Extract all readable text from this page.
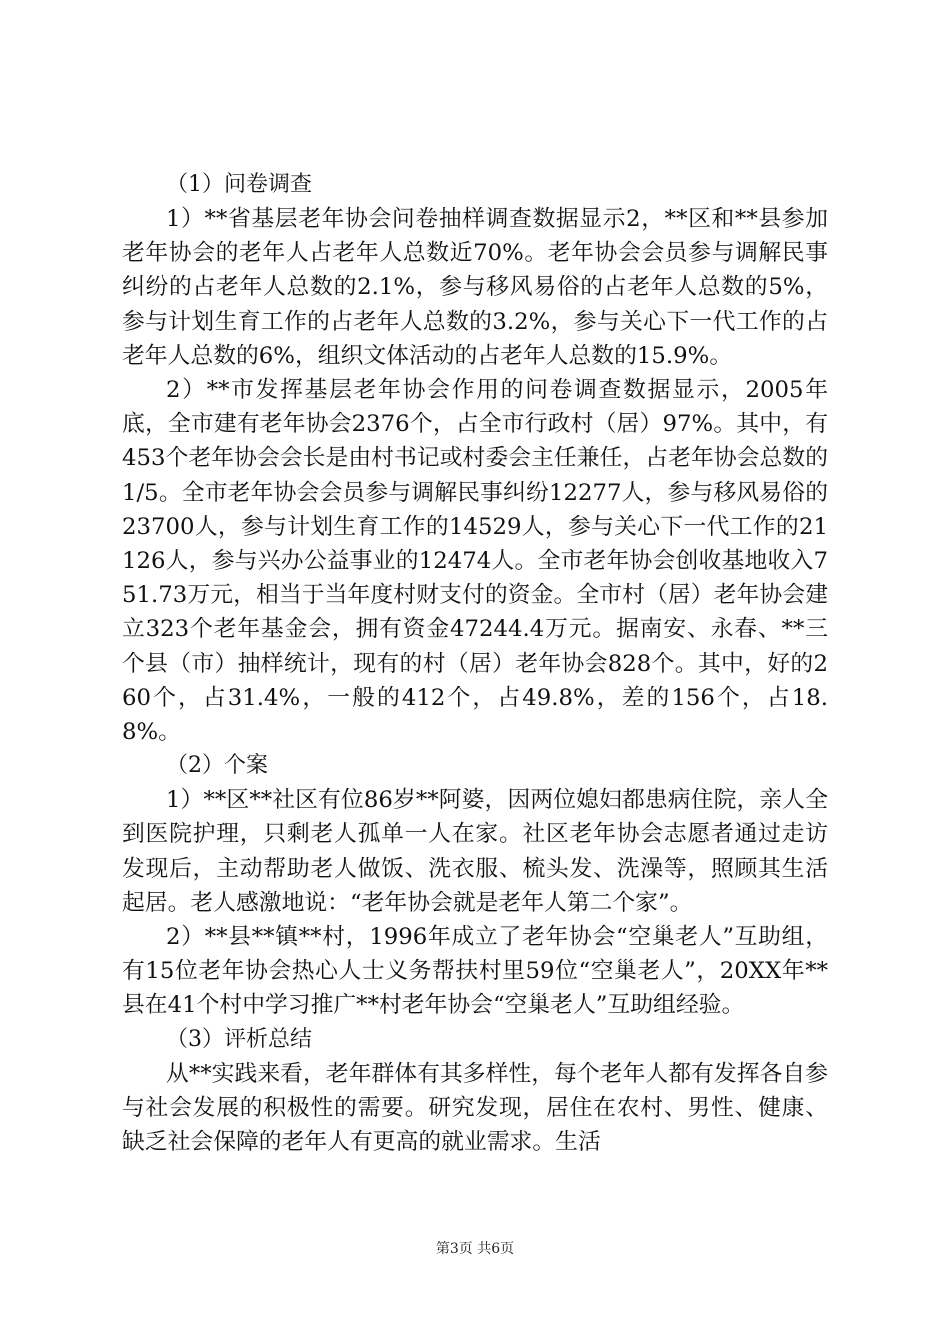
（1）问卷调查

1）**省基层老年协会问卷抽样调查数据显示2，**区和**县参加老年协会的老年人占老年人总数近70%。老年协会会员参与调解民事纠纷的占老年人总数的2.1%，参与移风易俗的占老年人总数的5%，参与计划生育工作的占老年人总数的3.2%，参与关心下一代工作的占老年人总数的6%，组织文体活动的占老年人总数的15.9%。

2）**市发挥基层老年协会作用的问卷调查数据显示，2005年底，全市建有老年协会2376个，占全市行政村（居）97%。其中，有453个老年协会会长是由村书记或村委会主任兼任，占老年协会总数的1/5。全市老年协会会员参与调解民事纠纷12277人，参与移风易俗的23700人，参与计划生育工作的14529人，参与关心下一代工作的21126人，参与兴办公益事业的12474人。全市老年协会创收基地收入751.73万元，相当于当年度村财支付的资金。全市村（居）老年协会建立323个老年基金会，拥有资金47244.4万元。据南安、永春、**三个县（市）抽样统计，现有的村（居）老年协会828个。其中，好的260个，占31.4%，一般的412个，占49.8%，差的156个，占18.8%。

（2）个案

1）**区**社区有位86岁**阿婆，因两位媳妇都患病住院，亲人全到医院护理，只剩老人孤单一人在家。社区老年协会志愿者通过走访发现后，主动帮助老人做饭、洗衣服、梳头发、洗澡等，照顾其生活起居。老人感激地说：“老年协会就是老年人第二个家”。

2）**县**镇**村，1996年成立了老年协会“空巢老人”互助组，有15位老年协会热心人士义务帮扶村里59位“空巢老人”，20XX年**县在41个村中学习推广**村老年协会“空巢老人”互助组经验。

（3）评析总结

从**实践来看，老年群体有其多样性，每个老年人都有发挥各自参与社会发展的积极性的需要。研究发现，居住在农村、男性、健康、缺乏社会保障的老年人有更高的就业需求。生活

第3页 共6页
